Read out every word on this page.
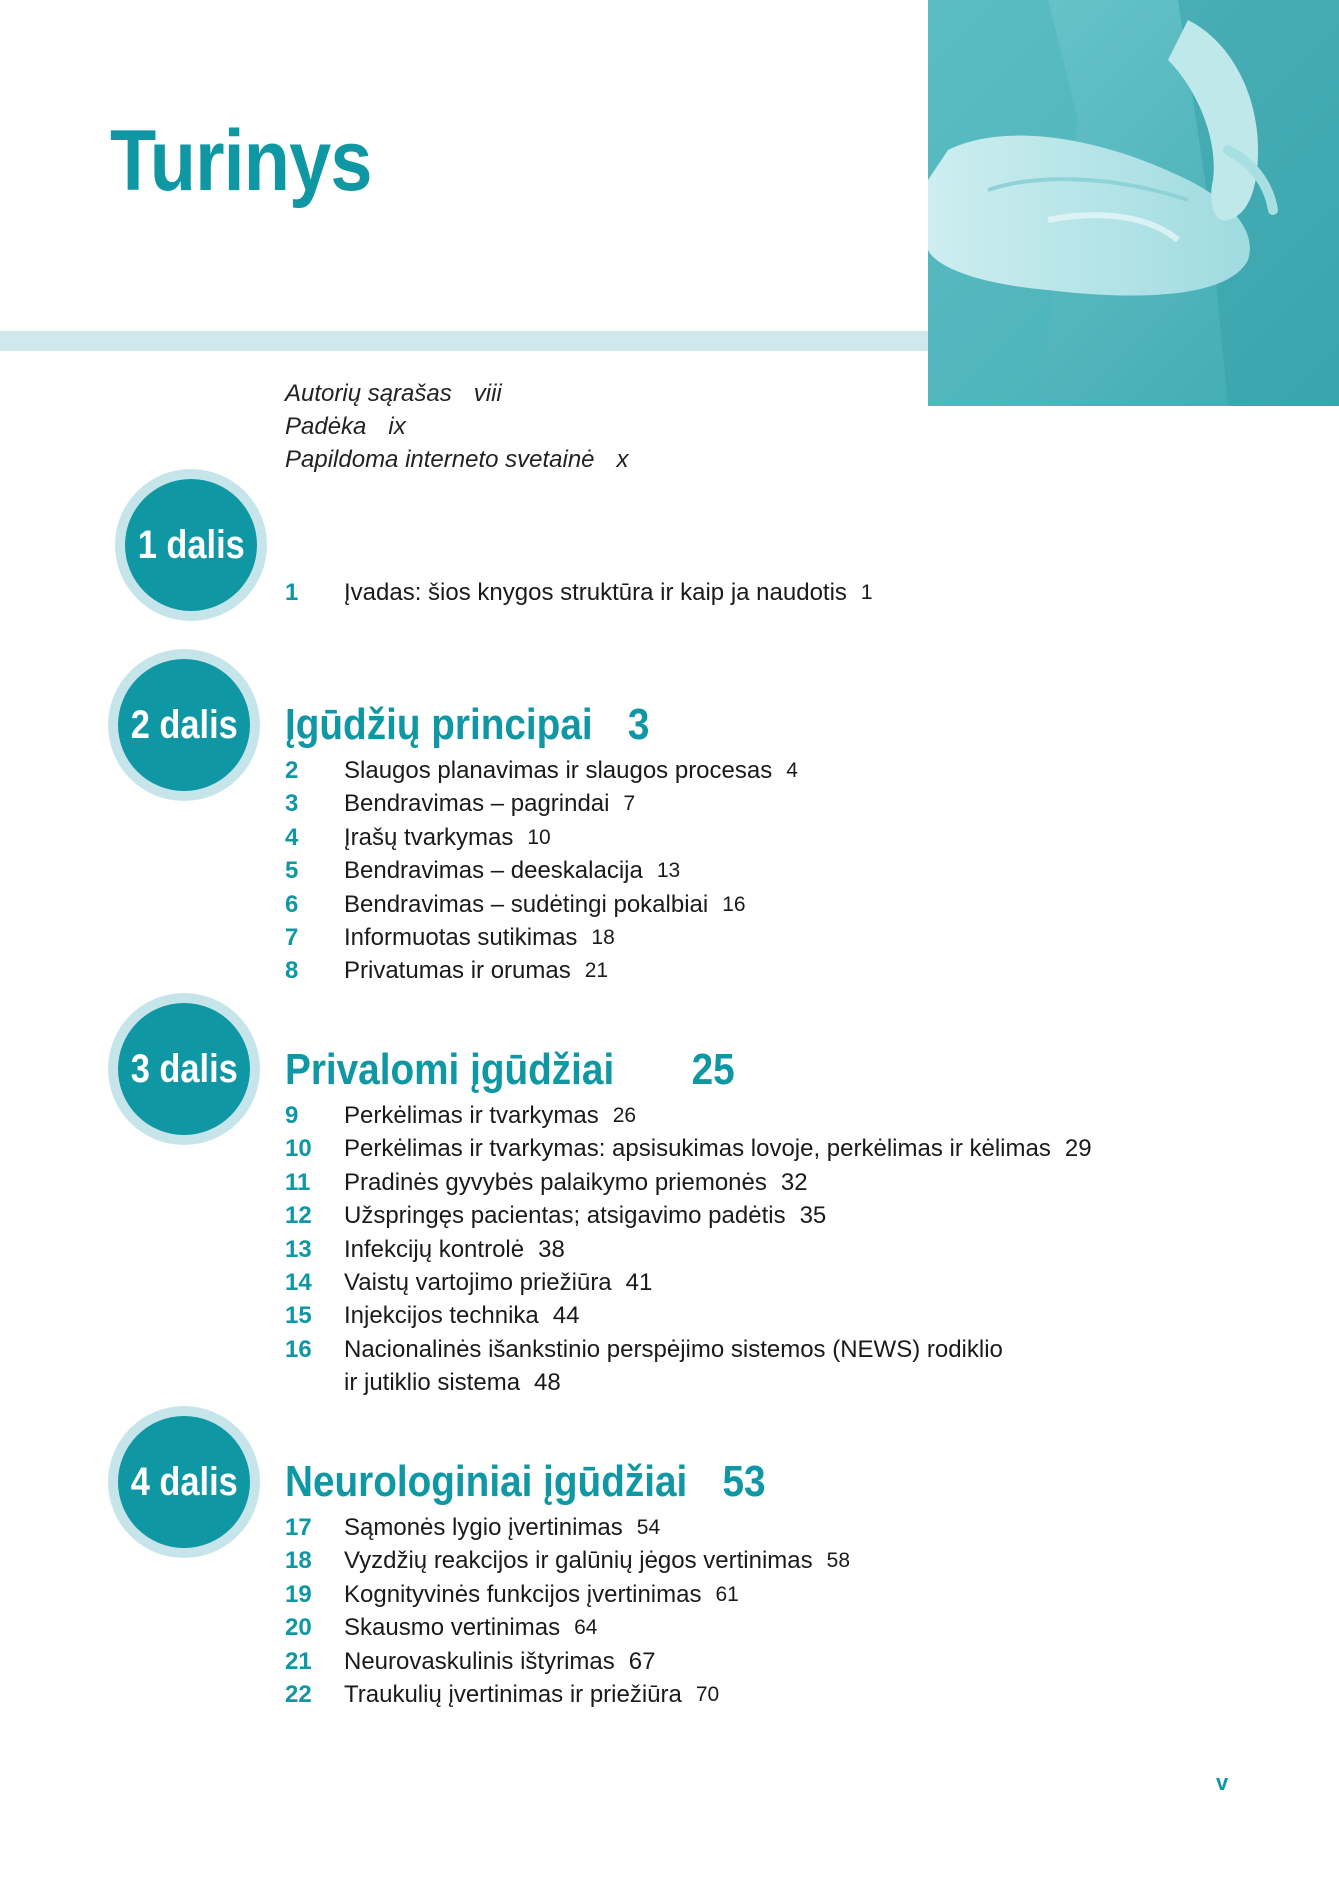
Turinys
Autorių sąrašas viii
Padėka ix
Papildoma interneto svetainė x
1 dalis
1	Įvadas: šios knygos struktūra ir kaip ja naudotis 1
2 dalis Įgūdžių principai 3
2	Slaugos planavimas ir slaugos procesas 4
3	Bendravimas – pagrindai 7
4	Įrašų tvarkymas 10
5	Bendravimas – deeskalacija 13
6	Bendravimas – sudėtingi pokalbiai 16
7	Informuotas sutikimas 18
8	Privatumas ir orumas 21
3 dalis Privalomi įgūdžiai 25
9	Perkėlimas ir tvarkymas 26
10	Perkėlimas ir tvarkymas: apsisukimas lovoje, perkėlimas ir kėlimas 29
11	Pradinės gyvybės palaikymo priemonės 32
12	Užspringęs pacientas; atsigavimo padėtis 35
13	Infekcijų kontrolė 38
14	Vaistų vartojimo priežiūra 41
15	Injekcijos technika 44
16	Nacionalinės išankstinio perspėjimo sistemos (NEWS) rodiklio
ir jutiklio sistema 48
4 dalis Neurologiniai įgūdžiai 53
17	Sąmonės lygio įvertinimas 54
18	Vyzdžių reakcijos ir galūnių jėgos vertinimas 58
19	Kognityvinės funkcijos įvertinimas 61
20	Skausmo vertinimas 64
21	Neurovaskulinis ištyrimas 67
22	Traukulių įvertinimas ir priežiūra 70
v
